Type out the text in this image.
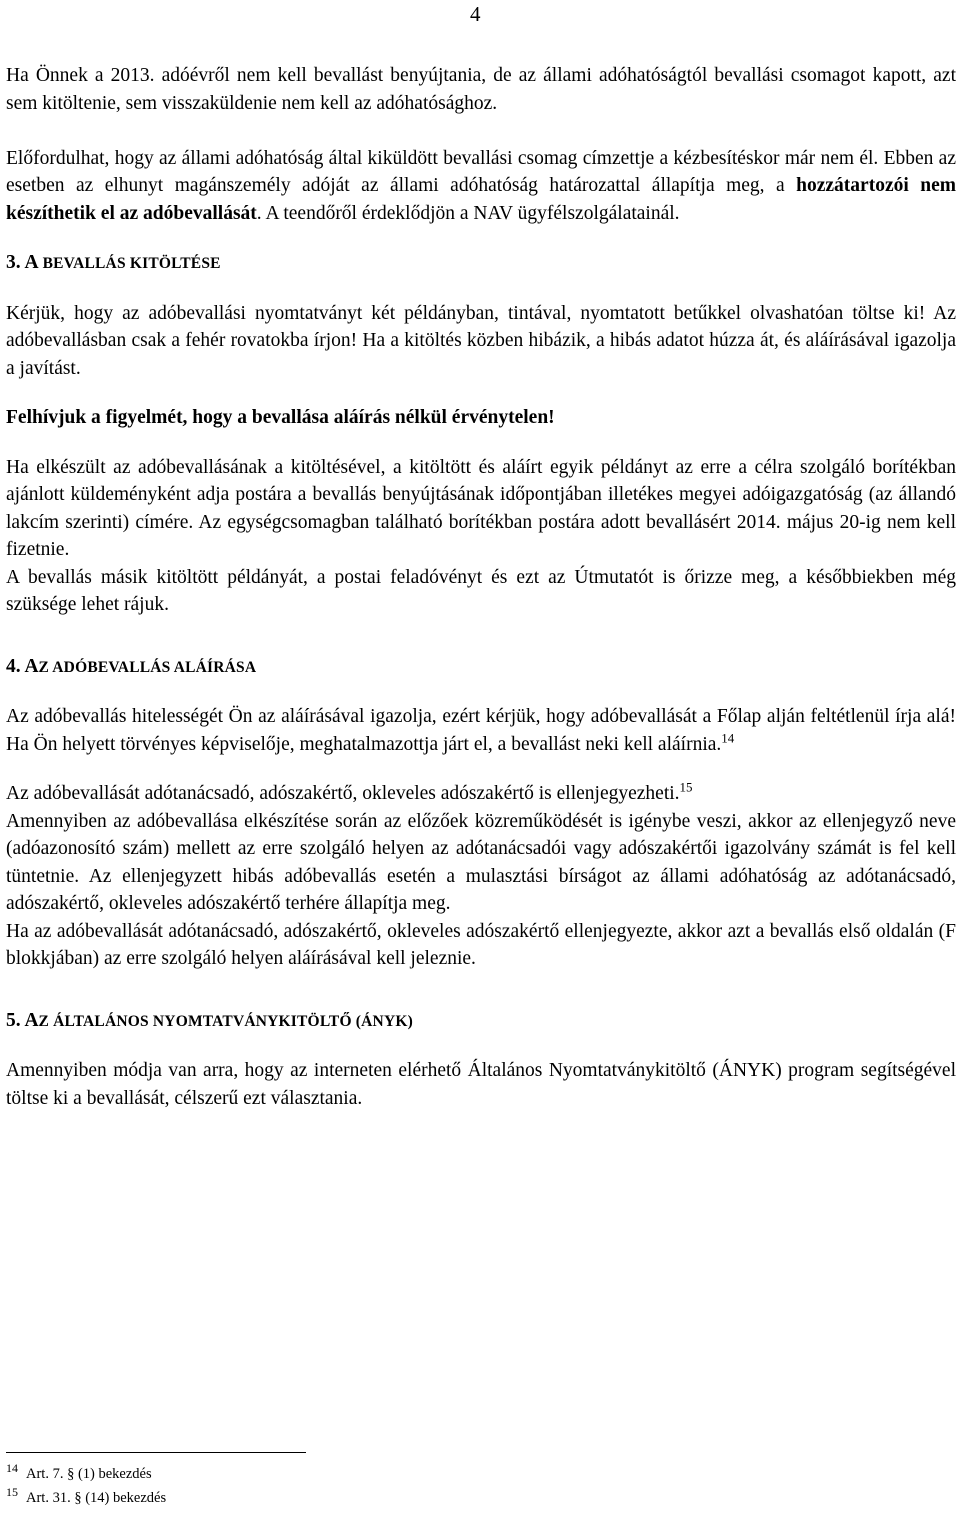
4

Ha Önnek a 2013. adóévről nem kell bevallást benyújtania, de az állami adóhatóságtól bevallási csomagot kapott, azt sem kitöltenie, sem visszaküldenie nem kell az adóhatósághoz.

Előfordulhat, hogy az állami adóhatóság által kiküldött bevallási csomag címzettje a kézbesítéskor már nem él. Ebben az esetben az elhunyt magánszemély adóját az állami adóhatóság határozattal állapítja meg, a hozzátartozói nem készíthetik el az adóbevallását. A teendőről érdeklődjön a NAV ügyfélszolgálatainál.

3. A BEVALLÁS KITÖLTÉSE

Kérjük, hogy az adóbevallási nyomtatványt két példányban, tintával, nyomtatott betűkkel olvashatóan töltse ki! Az adóbevallásban csak a fehér rovatokba írjon! Ha a kitöltés közben hibázik, a hibás adatot húzza át, és aláírásával igazolja a javítást.

Felhívjuk a figyelmét, hogy a bevallása aláírás nélkül érvénytelen!

Ha elkészült az adóbevallásának a kitöltésével, a kitöltött és aláírt egyik példányt az erre a célra szolgáló borítékban ajánlott küldeményként adja postára a bevallás benyújtásának időpontjában illetékes megyei adóigazgatóság (az állandó lakcím szerinti) címére. Az egységcsomagban található borítékban postára adott bevallásért 2014. május 20-ig nem kell fizetnie.

A bevallás másik kitöltött példányát, a postai feladóvényt és ezt az Útmutatót is őrizze meg, a későbbiekben még szüksége lehet rájuk.

4. AZ ADÓBEVALLÁS ALÁÍRÁSA

Az adóbevallás hitelességét Ön az aláírásával igazolja, ezért kérjük, hogy adóbevallását a Főlap alján feltétlenül írja alá! Ha Ön helyett törvényes képviselője, meghatalmazottja járt el, a bevallást neki kell aláírnia.$^{14}$

Az adóbevallását adótanácsadó, adószakértő, okleveles adószakértő is ellenjegyezheti.$^{15}$

Amennyiben az adóbevallása elkészítése során az előzőek közreműködését is igénybe veszi, akkor az ellenjegyző neve (adóazonosító szám) mellett az erre szolgáló helyen az adótanácsadói vagy adószakértői igazolvány számát is fel kell tüntetnie. Az ellenjegyzett hibás adóbevallás esetén a mulasztási bírságot az állami adóhatóság az adótanácsadó, adószakértő, okleveles adószakértő terhére állapítja meg.

Ha az adóbevallását adótanácsadó, adószakértő, okleveles adószakértő ellenjegyezte, akkor azt a bevallás első oldalán (F blokkjában) az erre szolgáló helyen aláírásával kell jeleznie.

5. AZ ÁLTALÁNOS NYOMTATVÁNYKITÖLTŐ (ÁNYK)

Amennyiben módja van arra, hogy az interneten elérhető Általános Nyomtatványkitöltő (ÁNYK) program segítségével töltse ki a bevallását, célszerű ezt választania.

$^{14}$ Art. 7. § (1) bekezdés
$^{15}$ Art. 31. § (14) bekezdés
